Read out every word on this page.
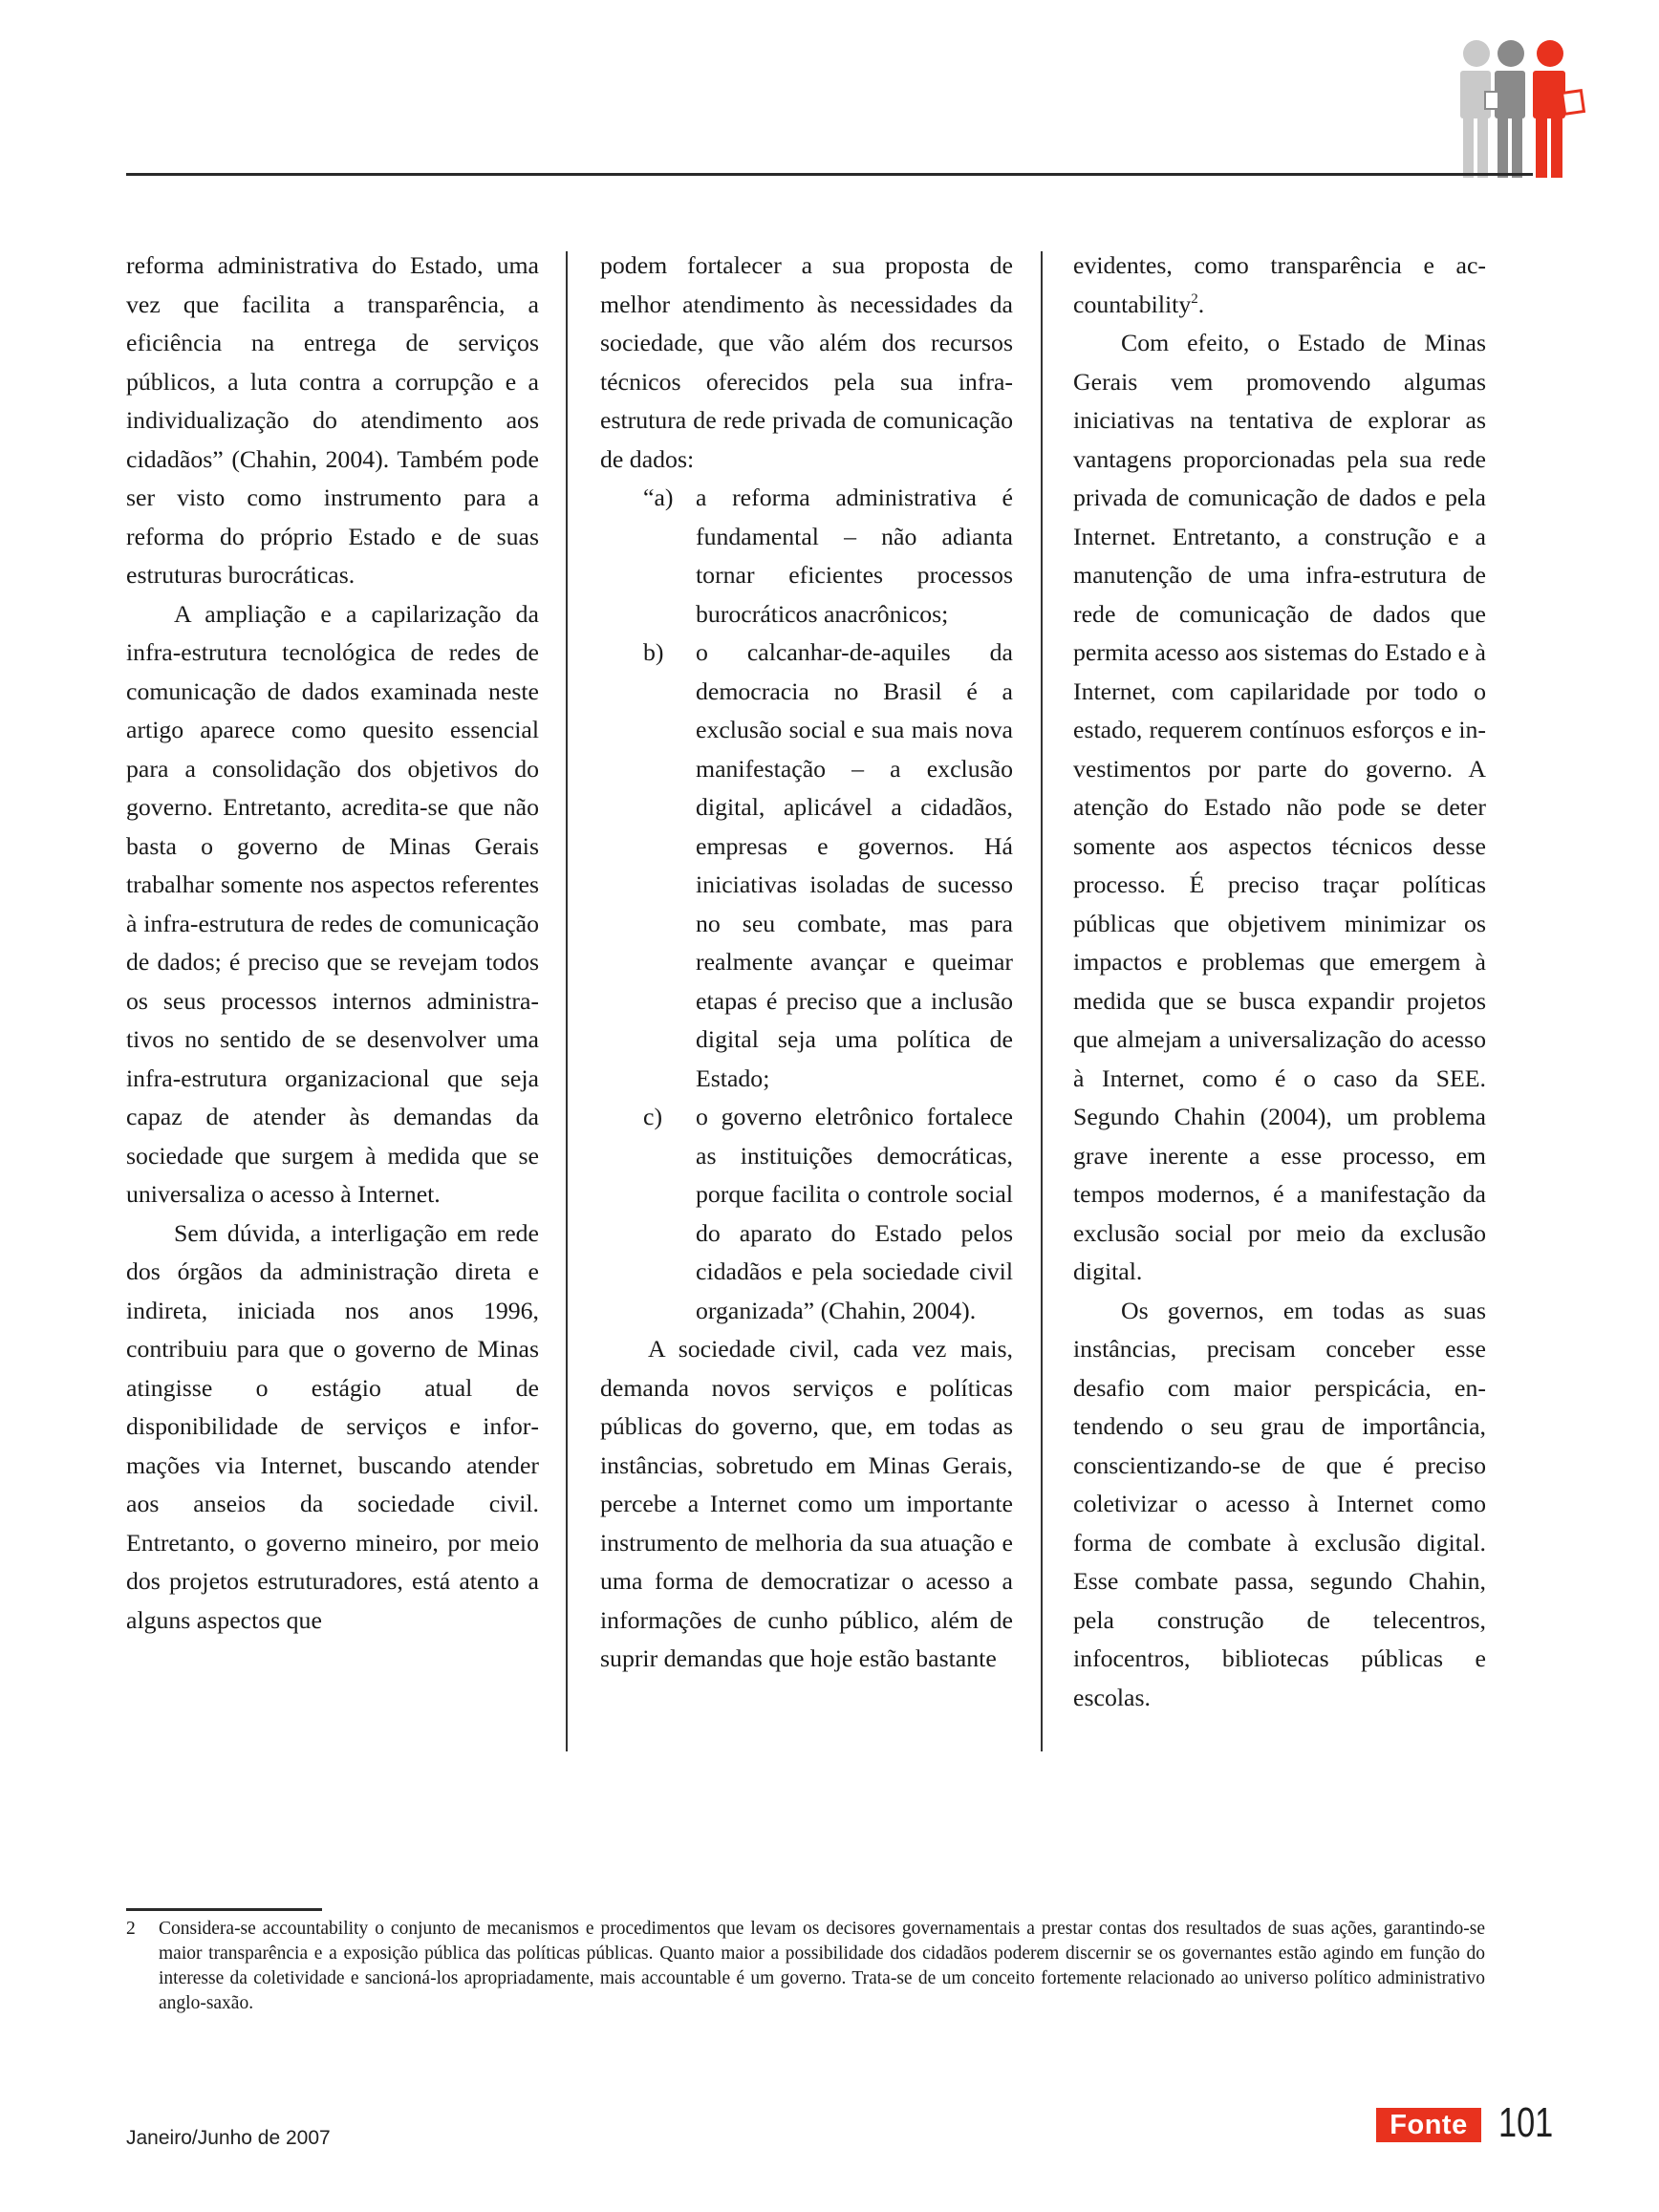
reforma administrativa do Estado, uma vez que facilita a transparência, a eficiência na entrega de serviços públicos, a luta contra a corrupção e a individualização do atendimento aos cidadãos” (Chahin, 2004). Também pode ser visto como instrumento para a reforma do próprio Estado e de suas estruturas burocráticas.

A ampliação e a capilarização da infra-estrutura tecnológica de redes de comunicação de dados examinada neste artigo aparece como quesito essencial para a consolidação dos objetivos do governo. Entretanto, acredita-se que não basta o governo de Minas Gerais trabalhar somente nos aspectos referentes à infra-estrutura de redes de comunicação de dados; é preciso que se revejam todos os seus processos internos administrativos no sentido de se desenvolver uma infra-estrutura organizacional que seja capaz de atender às demandas da sociedade que surgem à medida que se universaliza o acesso à Internet.

Sem dúvida, a interligação em rede dos órgãos da administração direta e indireta, iniciada nos anos 1996, contribuiu para que o governo de Minas atingisse o estágio atual de disponibilidade de serviços e informações via Internet, buscando atender aos anseios da sociedade civil. Entretanto, o governo mineiro, por meio dos projetos estruturadores, está atento a alguns aspectos que

podem fortalecer a sua proposta de melhor atendimento às necessidades da sociedade, que vão além dos recursos técnicos oferecidos pela sua infra-estrutura de rede privada de comunicação de dados:

“a) a reforma administrativa é fundamental – não adianta tornar eficientes processos burocráticos anacrônicos;
b) o calcanhar-de-aquiles da democracia no Brasil é a exclusão social e sua mais nova manifestação – a exclusão digital, aplicável a cidadãos, empresas e governos. Há iniciativas isoladas de sucesso no seu combate, mas para realmente avançar e queimar etapas é preciso que a inclusão digital seja uma política de Estado;
c) o governo eletrônico fortalece as instituições democráticas, porque facilita o controle social do aparato do Estado pelos cidadãos e pela sociedade civil organizada” (Chahin, 2004).

A sociedade civil, cada vez mais, demanda novos serviços e políticas públicas do governo, que, em todas as instâncias, sobretudo em Minas Gerais, percebe a Internet como um importante instrumento de melhoria da sua atuação e uma forma de democratizar o acesso a informações de cunho público, além de suprir demandas que hoje estão bastante

evidentes, como transparência e accountability$^2$.

Com efeito, o Estado de Minas Gerais vem promovendo algumas iniciativas na tentativa de explorar as vantagens proporcionadas pela sua rede privada de comunicação de dados e pela Internet. Entretanto, a construção e a manutenção de uma infra-estrutura de rede de comunicação de dados que permita acesso aos sistemas do Estado e à Internet, com capilaridade por todo o estado, requerem contínuos esforços e investimentos por parte do governo. A atenção do Estado não pode se deter somente aos aspectos técnicos desse processo. É preciso traçar políticas públicas que objetivem minimizar os impactos e problemas que emergem à medida que se busca expandir projetos que almejam a universalização do acesso à Internet, como é o caso da SEE. Segundo Chahin (2004), um problema grave inerente a esse processo, em tempos modernos, é a manifestação da exclusão social por meio da exclusão digital.

Os governos, em todas as suas instâncias, precisam conceber esse desafio com maior perspicácia, entendendo o seu grau de importância, conscientizando-se de que é preciso coletivizar o acesso à Internet como forma de combate à exclusão digital. Esse combate passa, segundo Chahin, pela construção de telecentros, infocentros, bibliotecas públicas e escolas.

2	Considera-se accountability o conjunto de mecanismos e procedimentos que levam os decisores governamentais a prestar contas dos resultados de suas ações, garantindo-se maior transparência e a exposição pública das políticas públicas. Quanto maior a possibilidade dos cidadãos poderem discernir se os governantes estão agindo em função do interesse da coletividade e sancioná-los apropriadamente, mais accountable é um governo. Trata-se de um conceito fortemente relacionado ao universo político administrativo anglo-saxão.
Janeiro/Junho de 2007	Fonte 101
